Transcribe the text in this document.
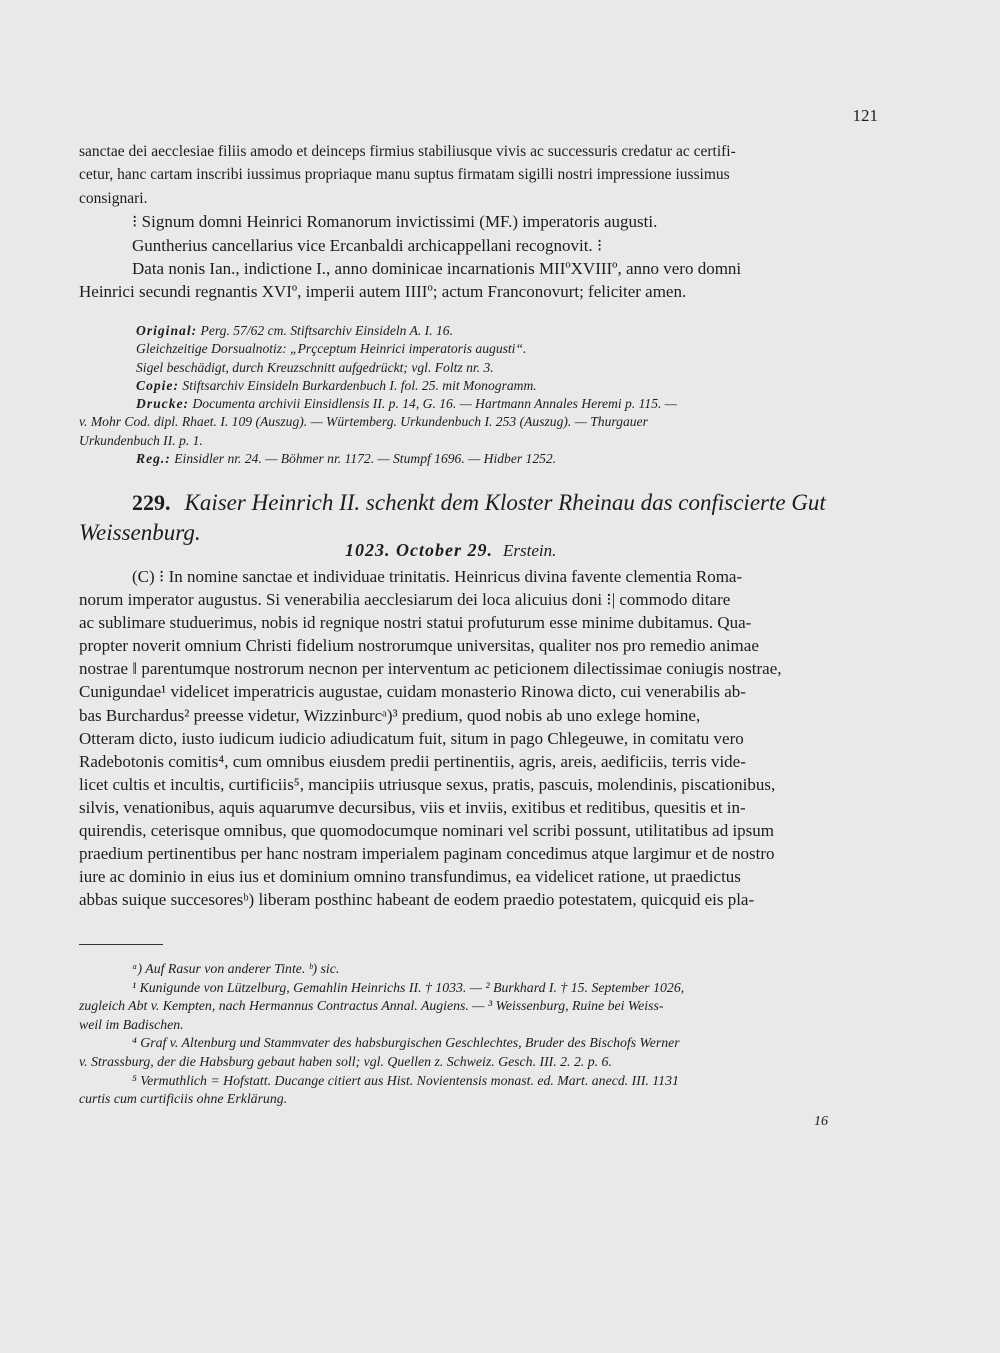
121
sanctae dei aecclesiae filiis amodo et deinceps firmius stabiliusque vivis ac successuris credatur ac certifi-
cetur, hanc cartam inscribi iussimus propriaque manu suptus firmatam sigilli nostri impressione iussimus
consignari.
⁝ Signum domni Heinrici Romanorum invictissimi (MF.) imperatoris augusti.
Guntherius cancellarius vice Ercanbaldi archicappellani recognovit. ⁝
Data nonis Ian., indictione I., anno dominicae incarnationis MIIºXVIIIº, anno vero domni
Heinrici secundi regnantis XVIº, imperii autem IIIIº; actum Franconovurt; feliciter amen.
Original: Perg. 57/62 cm. Stiftsarchiv Einsideln A. I. 16.
Gleichzeitige Dorsualnotiz: „Prçceptum Heinrici imperatoris augusti“.
Sigel beschädigt, durch Kreuzschnitt aufgedrückt; vgl. Foltz nr. 3.
Copie: Stiftsarchiv Einsideln Burkardenbuch I. fol. 25. mit Monogramm.
Drucke: Documenta archivii Einsidlensis II. p. 14, G. 16. — Hartmann Annales Heremi p. 115. —
v. Mohr Cod. dipl. Rhaet. I. 109 (Auszug). — Würtemberg. Urkundenbuch I. 253 (Auszug). — Thurgauer
Urkundenbuch II. p. 1.
Reg.: Einsidler nr. 24. — Böhmer nr. 1172. — Stumpf 1696. — Hidber 1252.
229. Kaiser Heinrich II. schenkt dem Kloster Rheinau das confiscierte Gut Weissenburg.
1023. October 29. Erstein.
(C) ⁝ In nomine sanctae et individuae trinitatis. Heinricus divina favente clementia Roma-
norum imperator augustus. Si venerabilia aecclesiarum dei loca alicuius doni ⁝| commodo ditare
ac sublimare studuerimus, nobis id regnique nostri statui profuturum esse minime dubitamus. Qua-
propter noverit omnium Christi fidelium nostrorumque universitas, qualiter nos pro remedio animae
nostrae ‖ parentumque nostrorum necnon per interventum ac peticionem dilectissimae coniugis nostrae,
Cunigundae¹ videlicet imperatricis augustae, cuidam monasterio Rinowa dicto, cui venerabilis ab-
bas Burchardus² preesse videtur, Wizzinburcᵃ)³ predium, quod nobis ab uno exlege homine,
Otteram dicto, iusto iudicum iudicio adiudicatum fuit, situm in pago Chlegeuwe, in comitatu vero
Radebotonis comitis⁴, cum omnibus eiusdem predii pertinentiis, agris, areis, aedificiis, terris vide-
licet cultis et incultis, curtificiis⁵, mancipiis utriusque sexus, pratis, pascuis, molendinis, piscationibus,
silvis, venationibus, aquis aquarumve decursibus, viis et inviis, exitibus et reditibus, quesitis et in-
quirendis, ceterisque omnibus, que quomodocumque nominari vel scribi possunt, utilitatibus ad ipsum
praedium pertinentibus per hanc nostram imperialem paginam concedimus atque largimur et de nostro
iure ac dominio in eius ius et dominium omnino transfundimus, ea videlicet ratione, ut praedictus
abbas suique succesoresᵇ) liberam posthinc habeant de eodem praedio potestatem, quicquid eis pla-
ᵃ) Auf Rasur von anderer Tinte. ᵇ) sic.
¹ Kunigunde von Lützelburg, Gemahlin Heinrichs II. † 1033. — ² Burkhard I. † 15. September 1026,
zugleich Abt v. Kempten, nach Hermannus Contractus Annal. Augiens. — ³ Weissenburg, Ruine bei Weiss-
weil im Badischen.
⁴ Graf v. Altenburg und Stammvater des habsburgischen Geschlechtes, Bruder des Bischofs Werner
v. Strassburg, der die Habsburg gebaut haben soll; vgl. Quellen z. Schweiz. Gesch. III. 2. 2. p. 6.
⁵ Vermuthlich = Hofstatt. Ducange citiert aus Hist. Novientensis monast. ed. Mart. anecd. III. 1131
curtis cum curtificiis ohne Erklärung.
16
